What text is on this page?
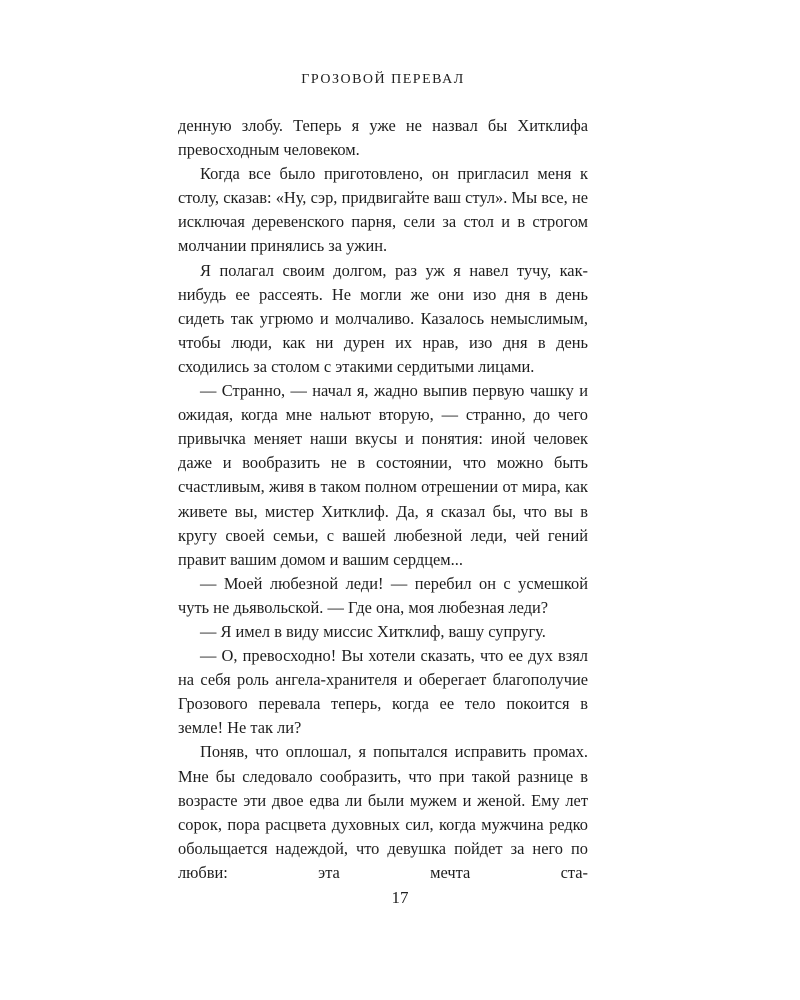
ГРОЗОВОЙ ПЕРЕВАЛ

денную злобу. Теперь я уже не назвал бы Хитклифа превосходным человеком.

Когда все было приготовлено, он пригласил меня к столу, сказав: «Ну, сэр, придвигайте ваш стул». Мы все, не исключая деревенского парня, сели за стол и в строгом молчании принялись за ужин.

Я полагал своим долгом, раз уж я навел тучу, как-нибудь ее рассеять. Не могли же они изо дня в день сидеть так угрюмо и молчаливо. Казалось немыслимым, чтобы люди, как ни дурен их нрав, изо дня в день сходились за столом с этакими сердитыми лицами.

— Странно, — начал я, жадно выпив первую чашку и ожидая, когда мне нальют вторую, — странно, до чего привычка меняет наши вкусы и понятия: иной человек даже и вообразить не в состоянии, что можно быть счастливым, живя в таком полном отрешении от мира, как живете вы, мистер Хитклиф. Да, я сказал бы, что вы в кругу своей семьи, с вашей любезной леди, чей гений правит вашим домом и вашим сердцем...

— Моей любезной леди! — перебил он с усмешкой чуть не дьявольской. — Где она, моя любезная леди?

— Я имел в виду миссис Хитклиф, вашу супругу.

— О, превосходно! Вы хотели сказать, что ее дух взял на себя роль ангела-хранителя и оберегает благополучие Грозового перевала теперь, когда ее тело покоится в земле! Не так ли?

Поняв, что оплошал, я попытался исправить промах. Мне бы следовало сообразить, что при такой разнице в возрасте эти двое едва ли были мужем и женой. Ему лет сорок, пора расцвета духовных сил, когда мужчина редко обольщается надеждой, что девушка пойдет за него по любви: эта мечта ста-

17
